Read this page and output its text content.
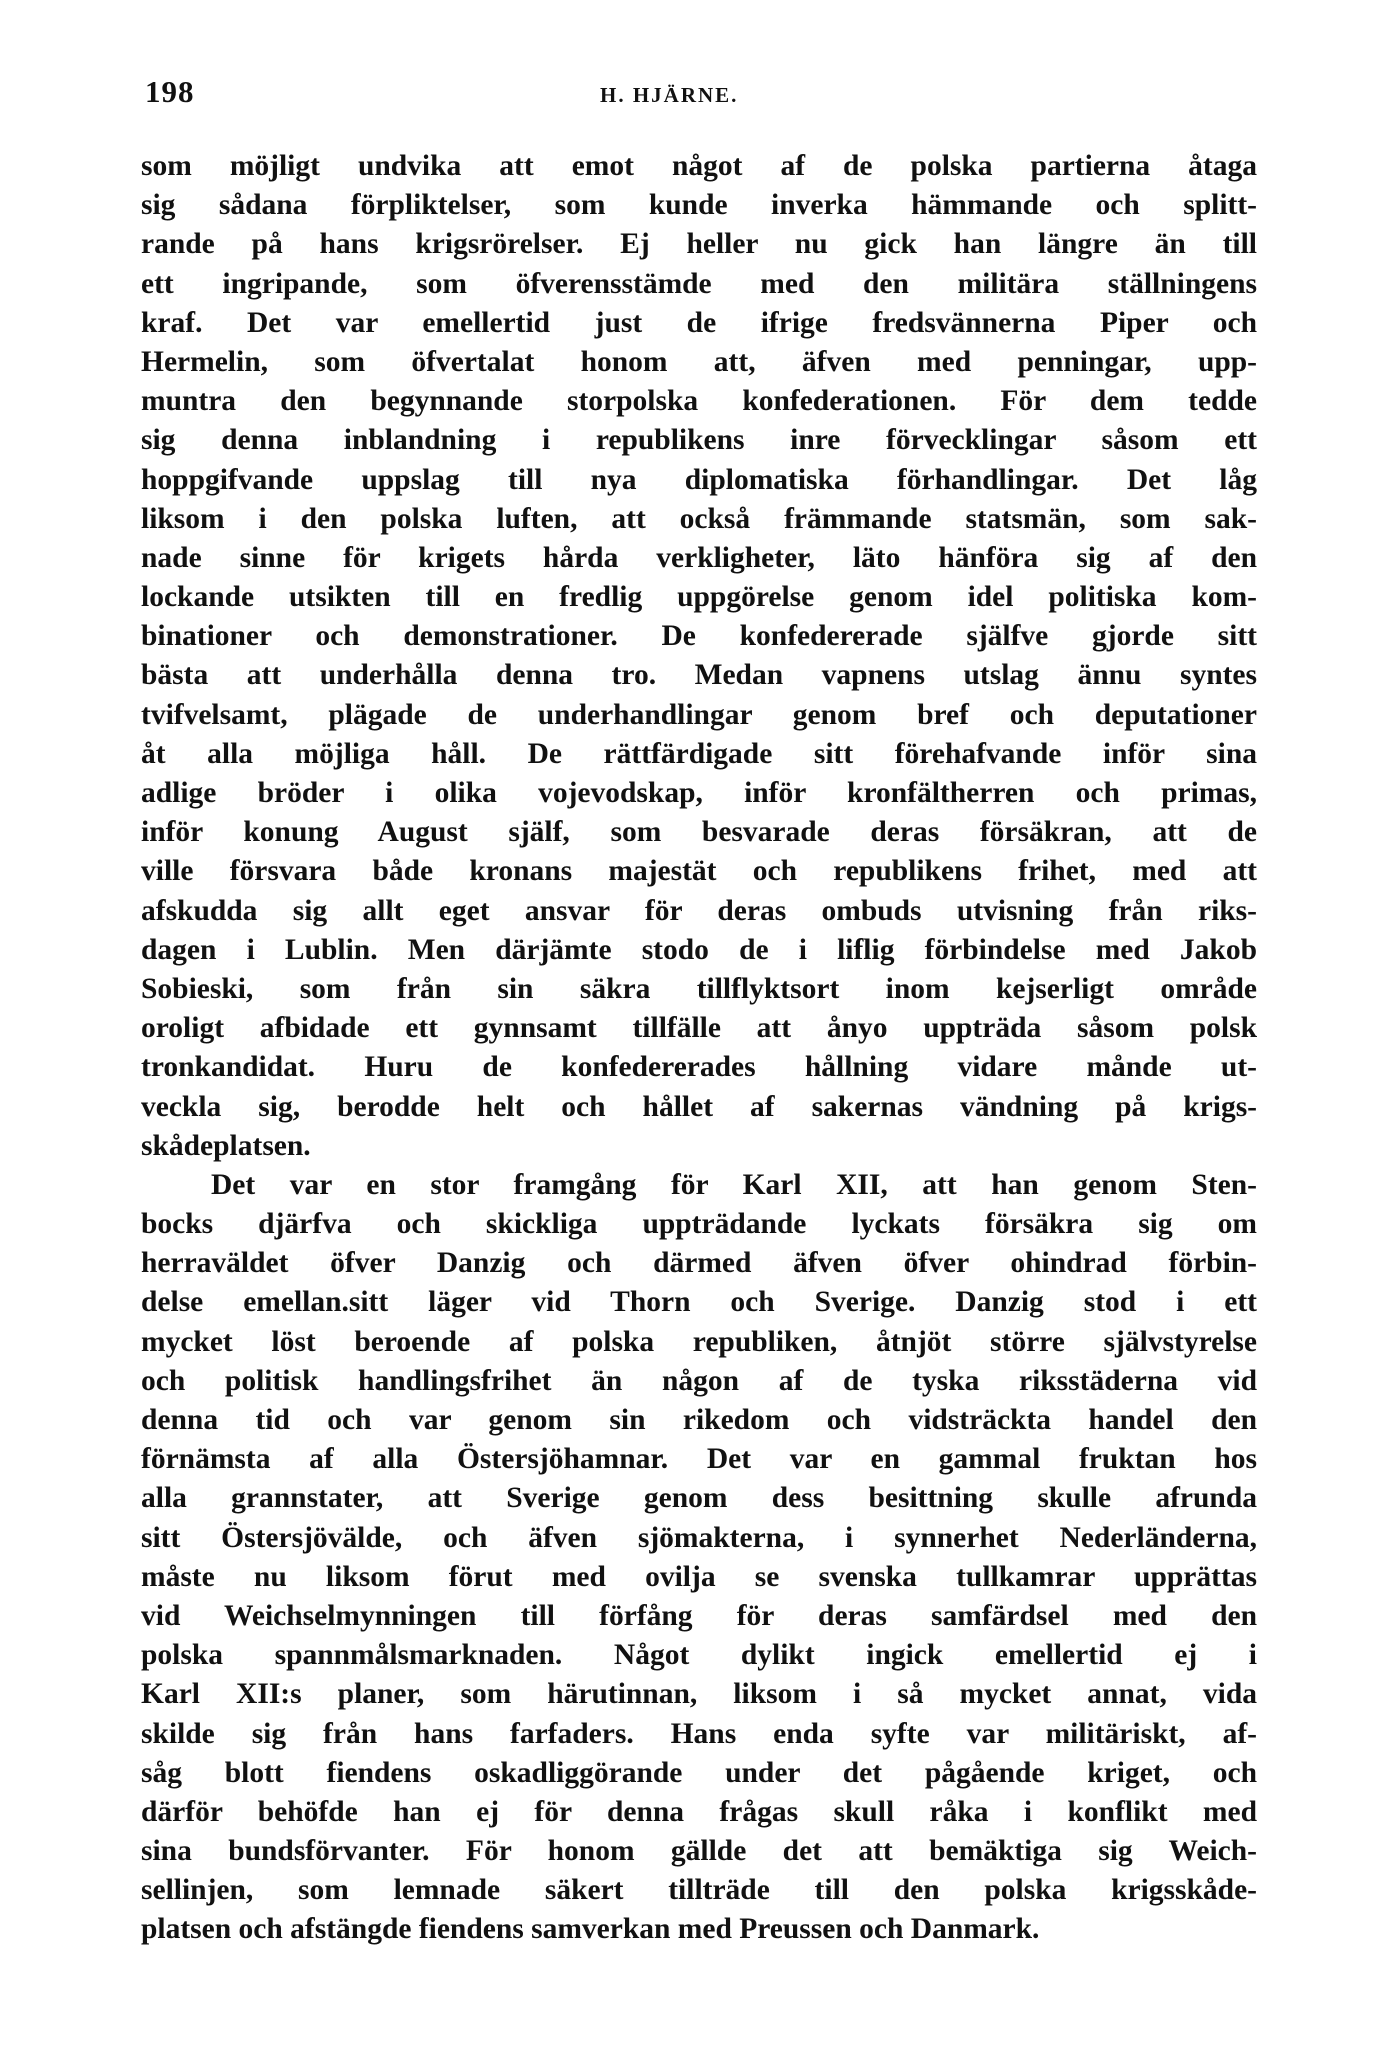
198	H. HJÄRNE.
som möjligt undvika att emot något af de polska partierna åtaga
sig sådana förpliktelser, som kunde inverka hämmande och splitt-
rande på hans krigsrörelser. Ej heller nu gick han längre än till
ett ingripande, som öfverensstämde med den militära ställningens
kraf. Det var emellertid just de ifrige fredsvännerna Piper och
Hermelin, som öfvertalat honom att, äfven med penningar, upp-
muntra den begynnande storpolska konfederationen. För dem tedde
sig denna inblandning i republikens inre förvecklingar såsom ett
hoppgifvande uppslag till nya diplomatiska förhandlingar. Det låg
liksom i den polska luften, att också främmande statsmän, som sak-
nade sinne för krigets hårda verkligheter, läto hänföra sig af den
lockande utsikten till en fredlig uppgörelse genom idel politiska kom-
binationer och demonstrationer. De konfedererade själfve gjorde sitt
bästa att underhålla denna tro. Medan vapnens utslag ännu syntes
tvifvelsamt, plägade de underhandlingar genom bref och deputationer
åt alla möjliga håll. De rättfärdigade sitt förehafvande inför sina
adlige bröder i olika vojevodskap, inför kronfältherren och primas,
inför konung August själf, som besvarade deras försäkran, att de
ville försvara både kronans majestät och republikens frihet, med att
afskudda sig allt eget ansvar för deras ombuds utvisning från riks-
dagen i Lublin. Men därjämte stodo de i liflig förbindelse med Jakob
Sobieski, som från sin säkra tillflyktsort inom kejserligt område
oroligt afbidade ett gynnsamt tillfälle att ånyo uppträda såsom polsk
tronkandidat. Huru de konfedererades hållning vidare månde ut-
veckla sig, berodde helt och hållet af sakernas vändning på krigs-
skådeplatsen.
Det var en stor framgång för Karl XII, att han genom Sten-
bocks djärfva och skickliga uppträdande lyckats försäkra sig om
herraväldet öfver Danzig och därmed äfven öfver ohindrad förbin-
delse emellan.sitt läger vid Thorn och Sverige. Danzig stod i ett
mycket löst beroende af polska republiken, åtnjöt större självstyrelse
och politisk handlingsfrihet än någon af de tyska riksstäderna vid
denna tid och var genom sin rikedom och vidsträckta handel den
förnämsta af alla Östersjöhamnar. Det var en gammal fruktan hos
alla grannstater, att Sverige genom dess besittning skulle afrunda
sitt Östersjövälde, och äfven sjömakterna, i synnerhet Nederländerna,
måste nu liksom förut med ovilja se svenska tullkamrar upprättas
vid Weichselmynningen till förfång för deras samfärdsel med den
polska spannmålsmarknaden. Något dylikt ingick emellertid ej i
Karl XII:s planer, som härutinnan, liksom i så mycket annat, vida
skilde sig från hans farfaders. Hans enda syfte var militäriskt, af-
såg blott fiendens oskadliggörande under det pågående kriget, och
därför behöfde han ej för denna frågas skull råka i konflikt med
sina bundsförvanter. För honom gällde det att bemäktiga sig Weich-
sellinjen, som lemnade säkert tillträde till den polska krigsskåde-
platsen och afstängde fiendens samverkan med Preussen och Danmark.
